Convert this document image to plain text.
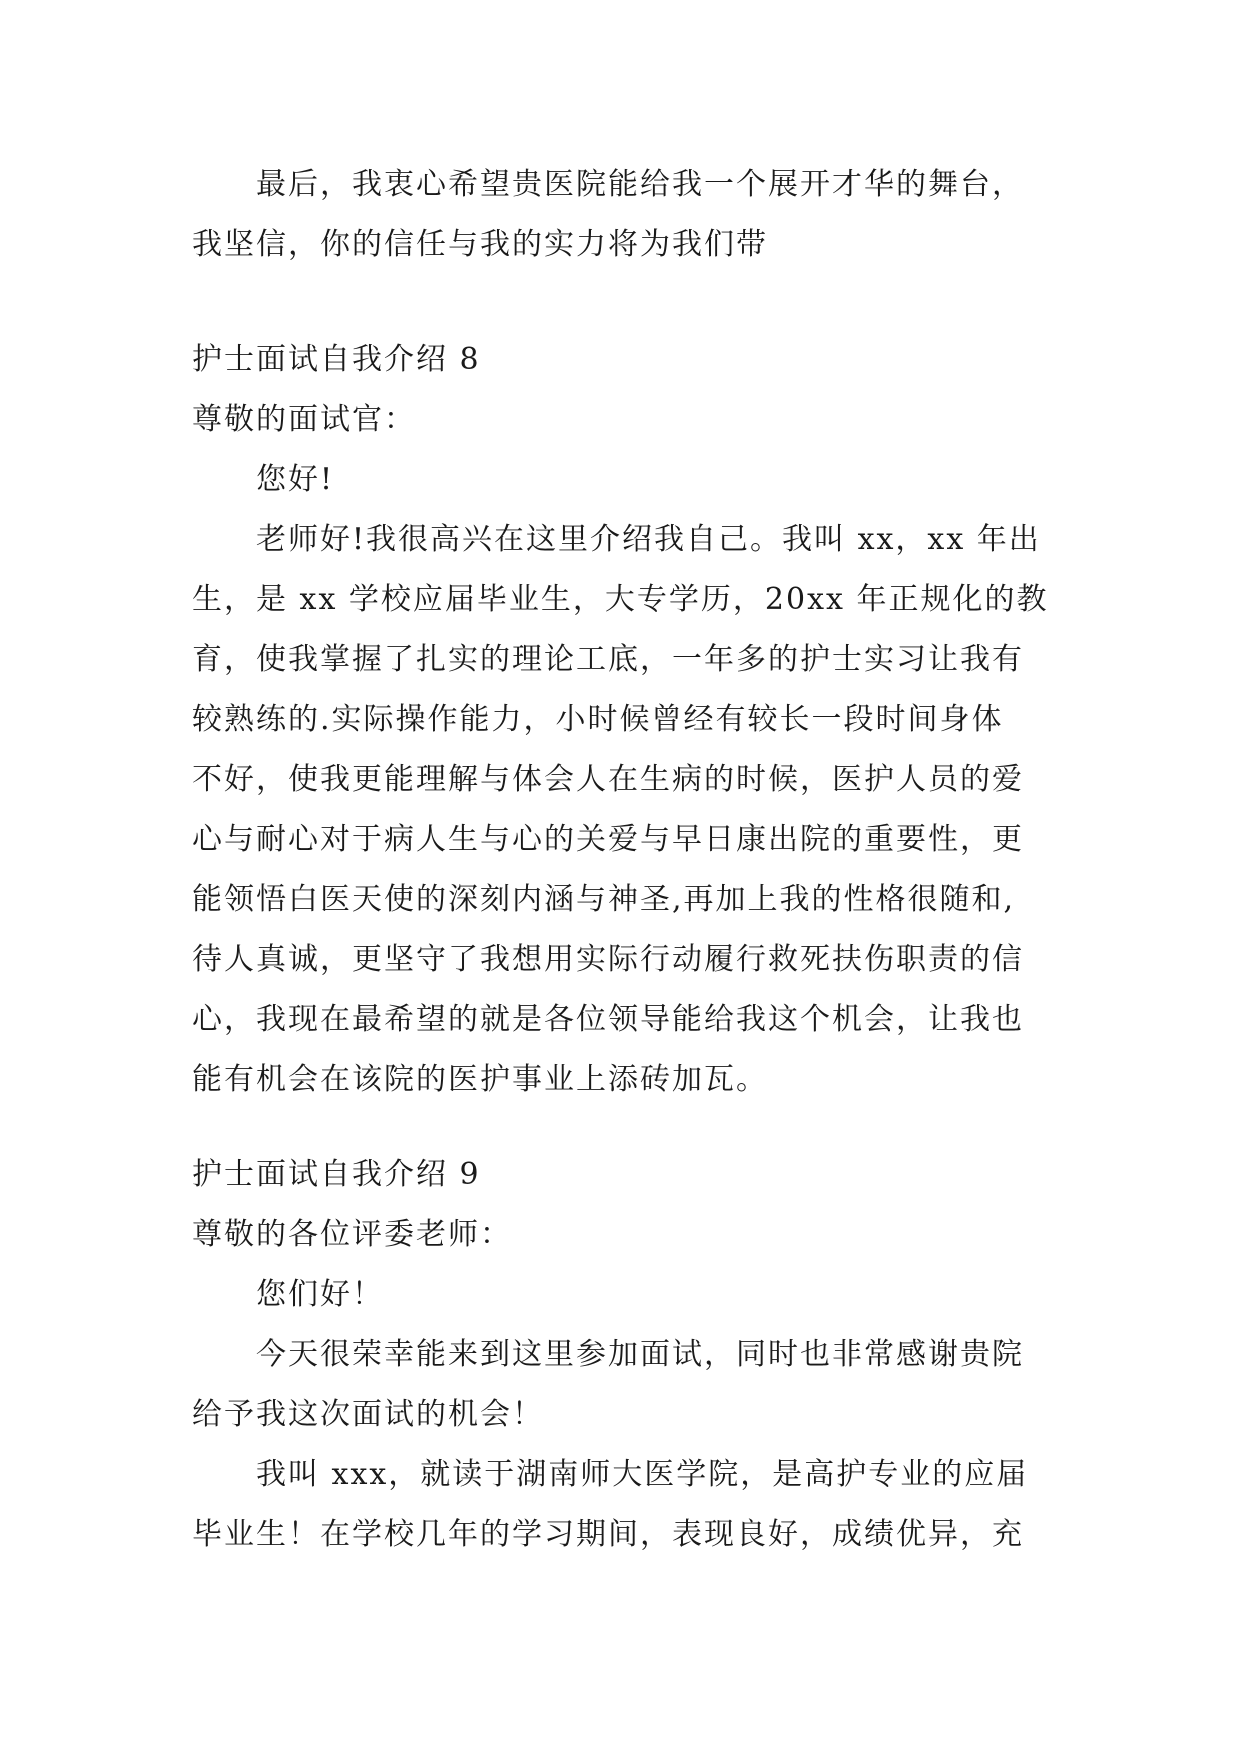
最后，我衷心希望贵医院能给我一个展开才华的舞台，
我坚信，你的信任与我的实力将为我们带
护士面试自我介绍 8
尊敬的面试官：
您好!
老师好!我很高兴在这里介绍我自己。我叫 xx，xx 年出
生，是 xx 学校应届毕业生，大专学历，20xx 年正规化的教
育，使我掌握了扎实的理论工底，一年多的护士实习让我有
较熟练的.实际操作能力，小时候曾经有较长一段时间身体
不好，使我更能理解与体会人在生病的时候，医护人员的爱
心与耐心对于病人生与心的关爱与早日康出院的重要性，更
能领悟白医天使的深刻内涵与神圣,再加上我的性格很随和,
待人真诚，更坚守了我想用实际行动履行救死扶伤职责的信
心，我现在最希望的就是各位领导能给我这个机会，让我也
能有机会在该院的医护事业上添砖加瓦。
护士面试自我介绍 9
尊敬的各位评委老师：
您们好！
今天很荣幸能来到这里参加面试，同时也非常感谢贵院
给予我这次面试的机会！
我叫 xxx，就读于湖南师大医学院，是高护专业的应届
毕业生！在学校几年的学习期间，表现良好，成绩优异，充
